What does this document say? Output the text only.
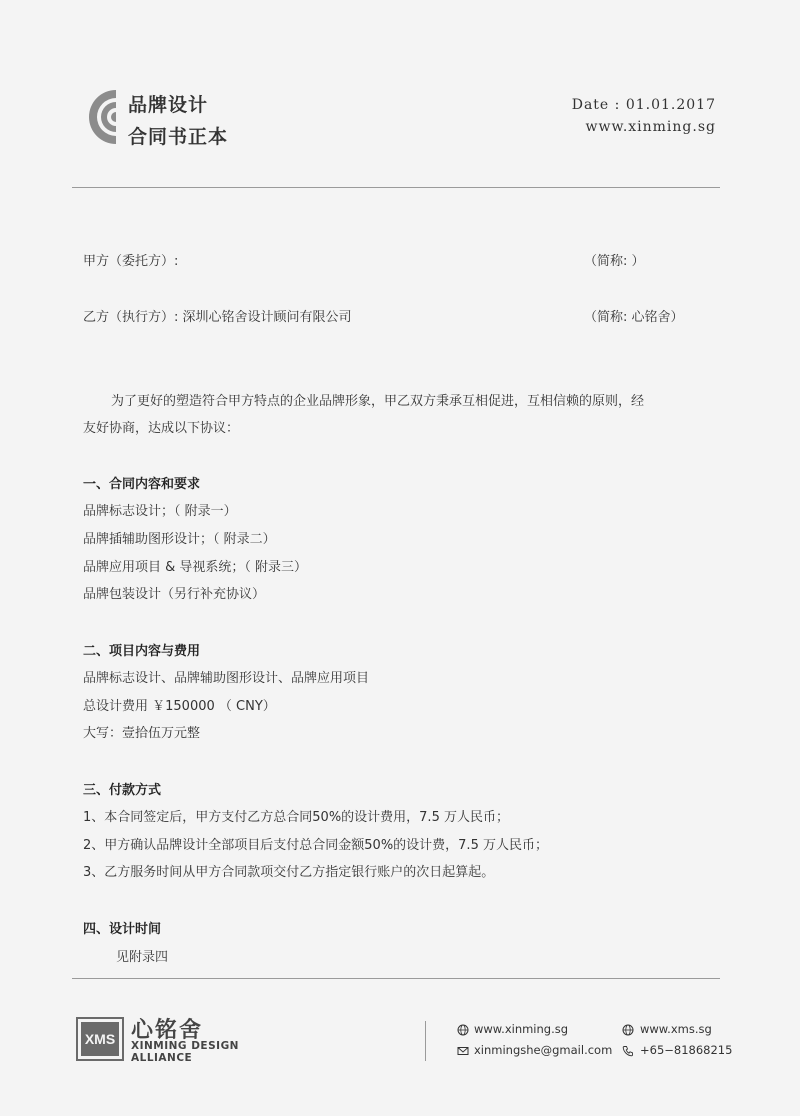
品牌设计
合同书正本
Date : 01.01.2017
www.xinming.sg
甲方（委托方）:	（简称: ）
乙方（执行方）: 深圳心铭舍设计顾问有限公司	（简称: 心铭舍）
为了更好的塑造符合甲方特点的企业品牌形象，甲乙双方秉承互相促进，互相信赖的原则，经
友好协商，达成以下协议：
一、合同内容和要求
品牌标志设计；（ 附录一）
品牌插辅助图形设计；（ 附录二）
品牌应用项目 & 导视系统；（ 附录三）
品牌包装设计（另行补充协议）
二、项目内容与费用
品牌标志设计、品牌辅助图形设计、品牌应用项目
总设计费用 ￥150000 （ CNY）
大写：壹拾伍万元整
三、付款方式
1、本合同签定后，甲方支付乙方总合同50%的设计费用，7.5 万人民币；
2、甲方确认品牌设计全部项目后支付总合同金额50%的设计费，7.5 万人民币；
3、乙方服务时间从甲方合同款项交付乙方指定银行账户的次日起算起。
四、设计时间
见附录四
XMS 心铭舍
XINMING DESIGN
ALLIANCE
www.xinming.sg
xinmingshe@gmail.com
www.xms.sg
+65−81868215
